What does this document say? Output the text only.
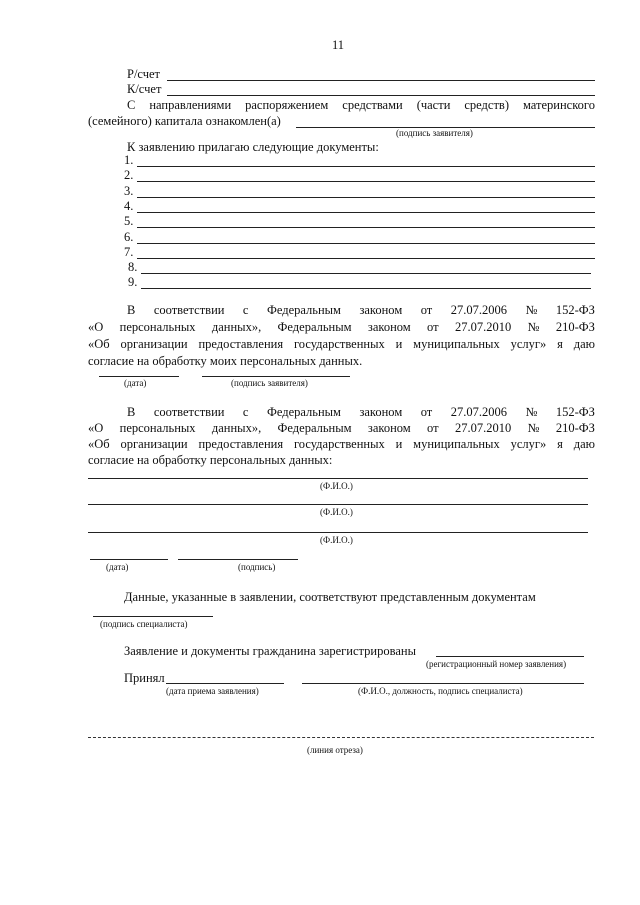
11
Р/счет
К/счет
С направлениями распоряжением средствами (части средств) материнского
(семейного) капитала ознакомлен(а)
(подпись заявителя)
К заявлению прилагаю следующие документы:
1.
2.
3.
4.
5.
6.
7.
8.
9.
В соответствии с Федеральным законом от 27.07.2006 № 152-ФЗ
«О персональных данных», Федеральным законом от 27.07.2010 № 210-ФЗ
«Об организации предоставления государственных и муниципальных услуг» я даю
согласие на обработку моих персональных данных.
(дата)	(подпись заявителя)
В соответствии с Федеральным законом от 27.07.2006 № 152-ФЗ
«О персональных данных», Федеральным законом от 27.07.2010 № 210-ФЗ
«Об организации предоставления государственных и муниципальных услуг» я даю
согласие на обработку персональных данных:
(Ф.И.О.)
(Ф.И.О.)
(Ф.И.О.)
(дата)	(подпись)
Данные, указанные в заявлении, соответствуют представленным документам
(подпись специалиста)
Заявление и документы гражданина зарегистрированы
(регистрационный номер заявления)
Принял
(дата приема заявления)	(Ф.И.О., должность, подпись специалиста)
(линия отреза)
